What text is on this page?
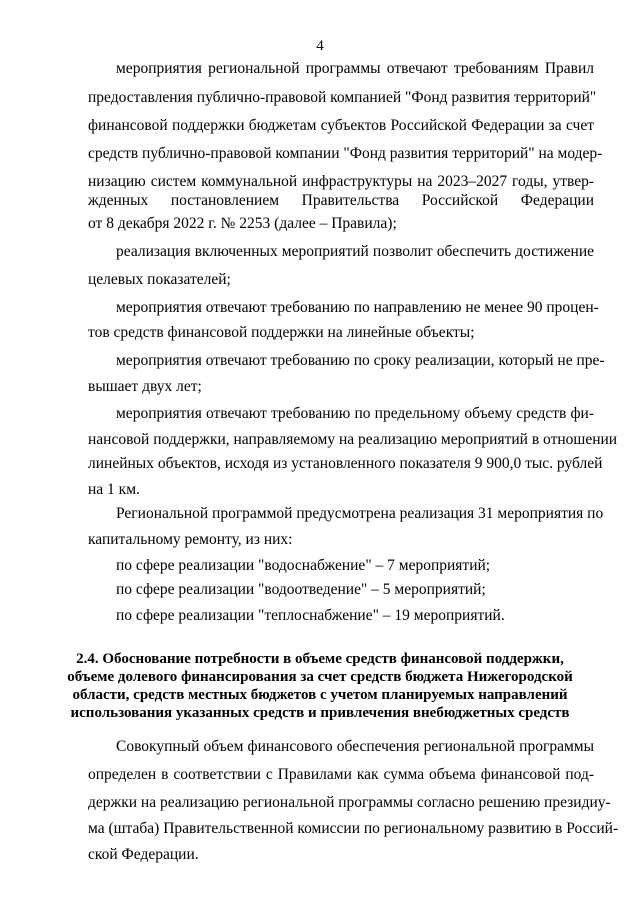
4
мероприятия региональной программы отвечают требованиям Правил
предоставления публично-правовой компанией "Фонд развития территорий"
финансовой поддержки бюджетам субъектов Российской Федерации за счет
средств публично-правовой компании "Фонд развития территорий" на модер-
низацию систем коммунальной инфраструктуры на 2023–2027 годы, утвер-
жденных постановлением Правительства Российской Федерации
от 8 декабря 2022 г. № 2253 (далее – Правила);
реализация включенных мероприятий позволит обеспечить достижение
целевых показателей;
мероприятия отвечают требованию по направлению не менее 90 процен-
тов средств финансовой поддержки на линейные объекты;
мероприятия отвечают требованию по сроку реализации, который не пре-
вышает двух лет;
мероприятия отвечают требованию по предельному объему средств фи-
нансовой поддержки, направляемому на реализацию мероприятий в отношении
линейных объектов, исходя из установленного показателя 9 900,0 тыс. рублей
на 1 км.
Региональной программой предусмотрена реализация 31 мероприятия по
капитальному ремонту, из них:
по сфере реализации "водоснабжение" – 7 мероприятий;
по сфере реализации "водоотведение" – 5 мероприятий;
по сфере реализации "теплоснабжение" – 19 мероприятий.
2.4. Обоснование потребности в объеме средств финансовой поддержки,
объеме долевого финансирования за счет средств бюджета Нижегородской
области, средств местных бюджетов с учетом планируемых направлений
использования указанных средств и привлечения внебюджетных средств
Совокупный объем финансового обеспечения региональной программы
определен в соответствии с Правилами как сумма объема финансовой под-
держки на реализацию региональной программы согласно решению президиу-
ма (штаба) Правительственной комиссии по региональному развитию в Россий-
ской Федерации.
